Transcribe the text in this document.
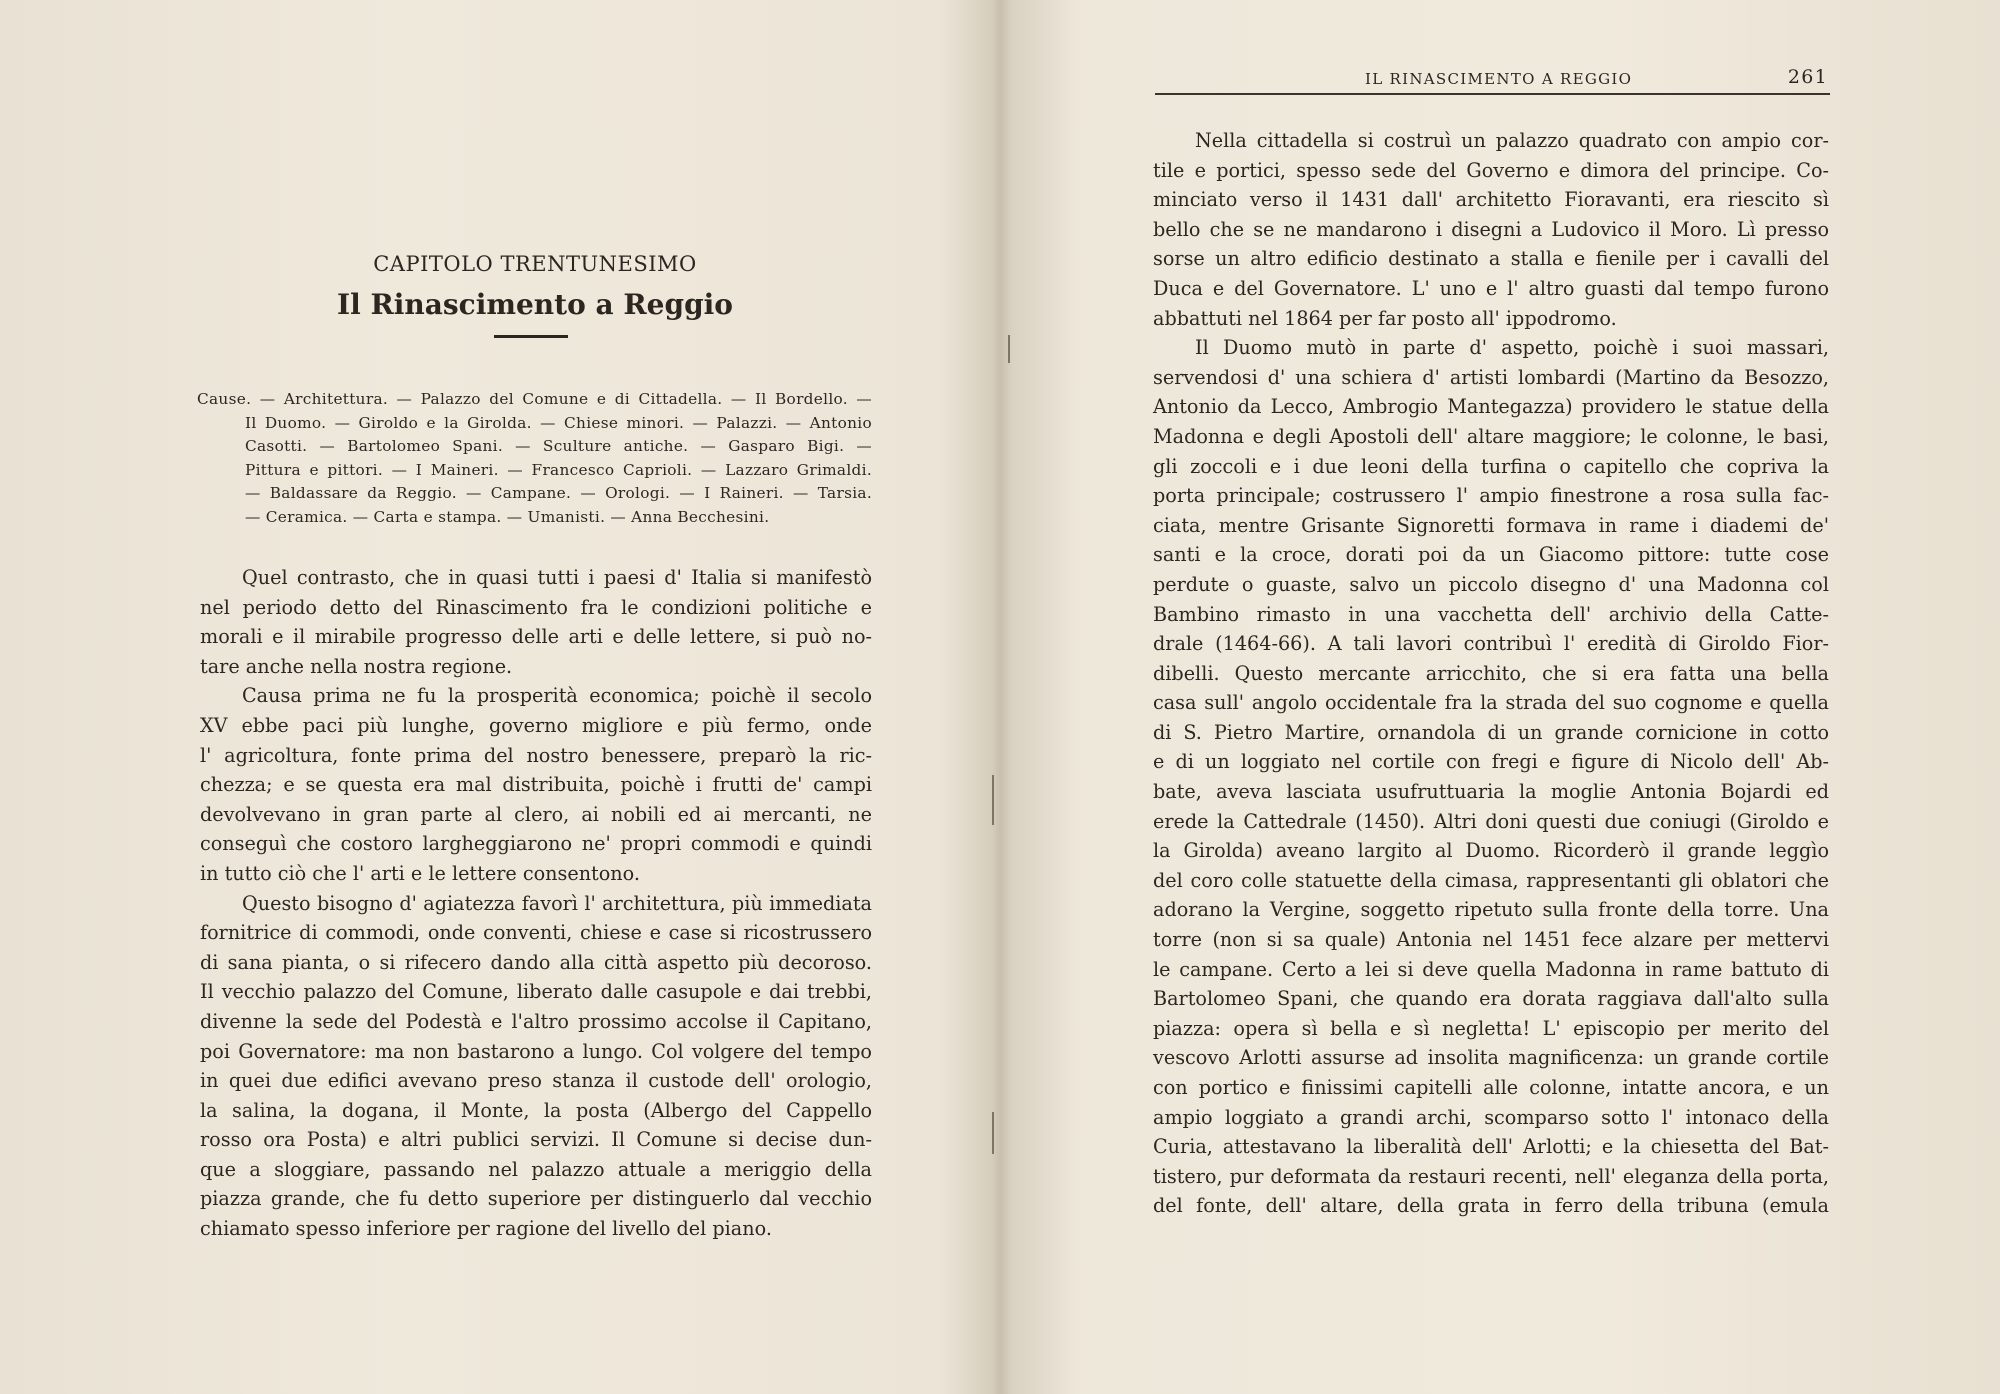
CAPITOLO TRENTUNESIMO
Il Rinascimento a Reggio
Cause. — Architettura. — Palazzo del Comune e di Cittadella. — Il Bordello. —
Il Duomo. — Giroldo e la Girolda. — Chiese minori. — Palazzi. — Antonio
Casotti. — Bartolomeo Spani. — Sculture antiche. — Gasparo Bigi. —
Pittura e pittori. — I Maineri. — Francesco Caprioli. — Lazzaro Grimaldi.
— Baldassare da Reggio. — Campane. — Orologi. — I Raineri. — Tarsia.
— Ceramica. — Carta e stampa. — Umanisti. — Anna Becchesini.
Quel contrasto, che in quasi tutti i paesi d' Italia si manifestò
nel periodo detto del Rinascimento fra le condizioni politiche e
morali e il mirabile progresso delle arti e delle lettere, si può no-
tare anche nella nostra regione.
Causa prima ne fu la prosperità economica; poichè il secolo
XV ebbe paci più lunghe, governo migliore e più fermo, onde
l' agricoltura, fonte prima del nostro benessere, preparò la ric-
chezza; e se questa era mal distribuita, poichè i frutti de' campi
devolvevano in gran parte al clero, ai nobili ed ai mercanti, ne
conseguì che costoro largheggiarono ne' propri commodi e quindi
in tutto ciò che l' arti e le lettere consentono.
Questo bisogno d' agiatezza favorì l' architettura, più immediata
fornitrice di commodi, onde conventi, chiese e case si ricostrussero
di sana pianta, o si rifecero dando alla città aspetto più decoroso.
Il vecchio palazzo del Comune, liberato dalle casupole e dai trebbi,
divenne la sede del Podestà e l'altro prossimo accolse il Capitano,
poi Governatore: ma non bastarono a lungo. Col volgere del tempo
in quei due edifici avevano preso stanza il custode dell' orologio,
la salina, la dogana, il Monte, la posta (Albergo del Cappello
rosso ora Posta) e altri publici servizi. Il Comune si decise dun-
que a sloggiare, passando nel palazzo attuale a meriggio della
piazza grande, che fu detto superiore per distinguerlo dal vecchio
chiamato spesso inferiore per ragione del livello del piano.
IL RINASCIMENTO A REGGIO	261
Nella cittadella si costruì un palazzo quadrato con ampio cor-
tile e portici, spesso sede del Governo e dimora del principe. Co-
minciato verso il 1431 dall' architetto Fioravanti, era riescito sì
bello che se ne mandarono i disegni a Ludovico il Moro. Lì presso
sorse un altro edificio destinato a stalla e fienile per i cavalli del
Duca e del Governatore. L' uno e l' altro guasti dal tempo furono
abbattuti nel 1864 per far posto all' ippodromo.
Il Duomo mutò in parte d' aspetto, poichè i suoi massari,
servendosi d' una schiera d' artisti lombardi (Martino da Besozzo,
Antonio da Lecco, Ambrogio Mantegazza) providero le statue della
Madonna e degli Apostoli dell' altare maggiore; le colonne, le basi,
gli zoccoli e i due leoni della turfina o capitello che copriva la
porta principale; costrussero l' ampio finestrone a rosa sulla fac-
ciata, mentre Grisante Signoretti formava in rame i diademi de'
santi e la croce, dorati poi da un Giacomo pittore: tutte cose
perdute o guaste, salvo un piccolo disegno d' una Madonna col
Bambino rimasto in una vacchetta dell' archivio della Catte-
drale (1464-66). A tali lavori contribuì l' eredità di Giroldo Fior-
dibelli. Questo mercante arricchito, che si era fatta una bella
casa sull' angolo occidentale fra la strada del suo cognome e quella
di S. Pietro Martire, ornandola di un grande cornicione in cotto
e di un loggiato nel cortile con fregi e figure di Nicolo dell' Ab-
bate, aveva lasciata usufruttuaria la moglie Antonia Bojardi ed
erede la Cattedrale (1450). Altri doni questi due coniugi (Giroldo e
la Girolda) aveano largito al Duomo. Ricorderò il grande leggìo
del coro colle statuette della cimasa, rappresentanti gli oblatori che
adorano la Vergine, soggetto ripetuto sulla fronte della torre. Una
torre (non si sa quale) Antonia nel 1451 fece alzare per mettervi
le campane. Certo a lei si deve quella Madonna in rame battuto di
Bartolomeo Spani, che quando era dorata raggiava dall'alto sulla
piazza: opera sì bella e sì negletta! L' episcopio per merito del
vescovo Arlotti assurse ad insolita magnificenza: un grande cortile
con portico e finissimi capitelli alle colonne, intatte ancora, e un
ampio loggiato a grandi archi, scomparso sotto l' intonaco della
Curia, attestavano la liberalità dell' Arlotti; e la chiesetta del Bat-
tistero, pur deformata da restauri recenti, nell' eleganza della porta,
del fonte, dell' altare, della grata in ferro della tribuna (emula
